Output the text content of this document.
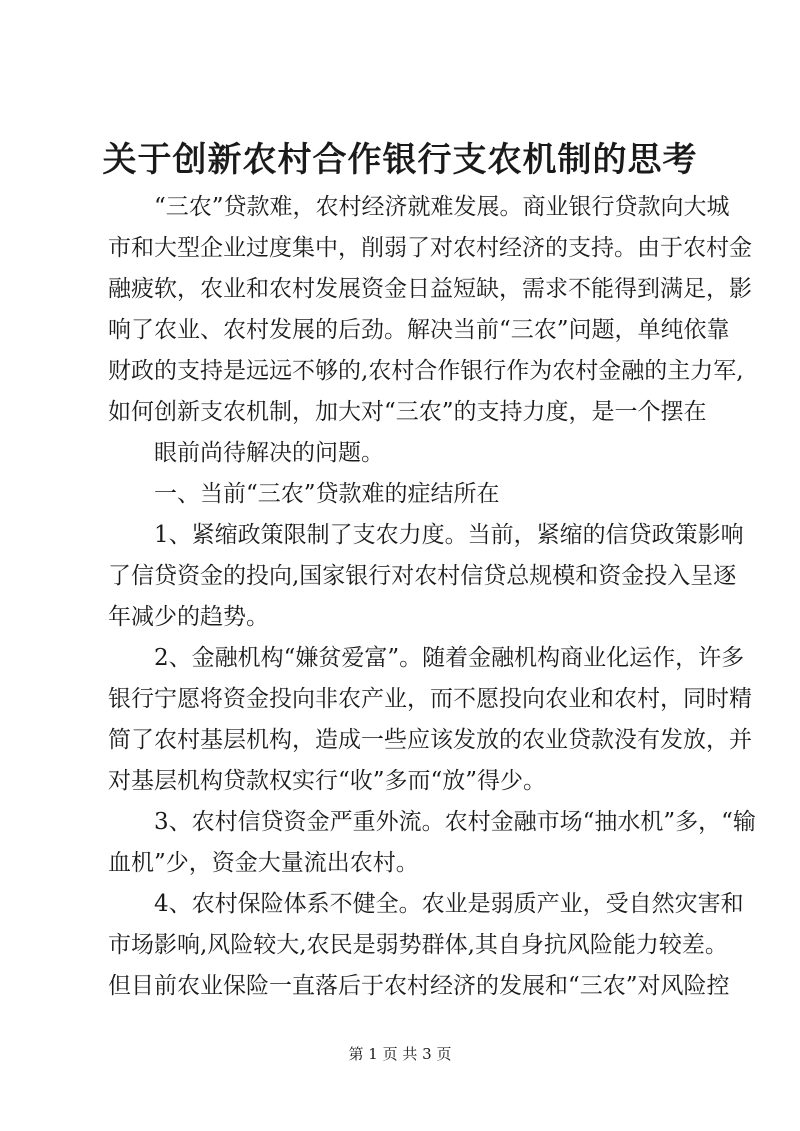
关于创新农村合作银行支农机制的思考
“三农”贷款难，农村经济就难发展。商业银行贷款向大城
市和大型企业过度集中，削弱了对农村经济的支持。由于农村金
融疲软，农业和农村发展资金日益短缺，需求不能得到满足，影
响了农业、农村发展的后劲。解决当前“三农”问题，单纯依靠
财政的支持是远远不够的,农村合作银行作为农村金融的主力军,
如何创新支农机制，加大对“三农”的支持力度，是一个摆在
眼前尚待解决的问题。
一、当前“三农”贷款难的症结所在
1、紧缩政策限制了支农力度。当前，紧缩的信贷政策影响
了信贷资金的投向,国家银行对农村信贷总规模和资金投入呈逐
年减少的趋势。
2、金融机构“嫌贫爱富”。随着金融机构商业化运作，许多
银行宁愿将资金投向非农产业，而不愿投向农业和农村，同时精
简了农村基层机构，造成一些应该发放的农业贷款没有发放，并
对基层机构贷款权实行“收”多而“放”得少。
3、农村信贷资金严重外流。农村金融市场“抽水机”多，“输
血机”少，资金大量流出农村。
4、农村保险体系不健全。农业是弱质产业，受自然灾害和
市场影响,风险较大,农民是弱势群体,其自身抗风险能力较差。
但目前农业保险一直落后于农村经济的发展和“三农”对风险控
第 1 页 共 3 页
